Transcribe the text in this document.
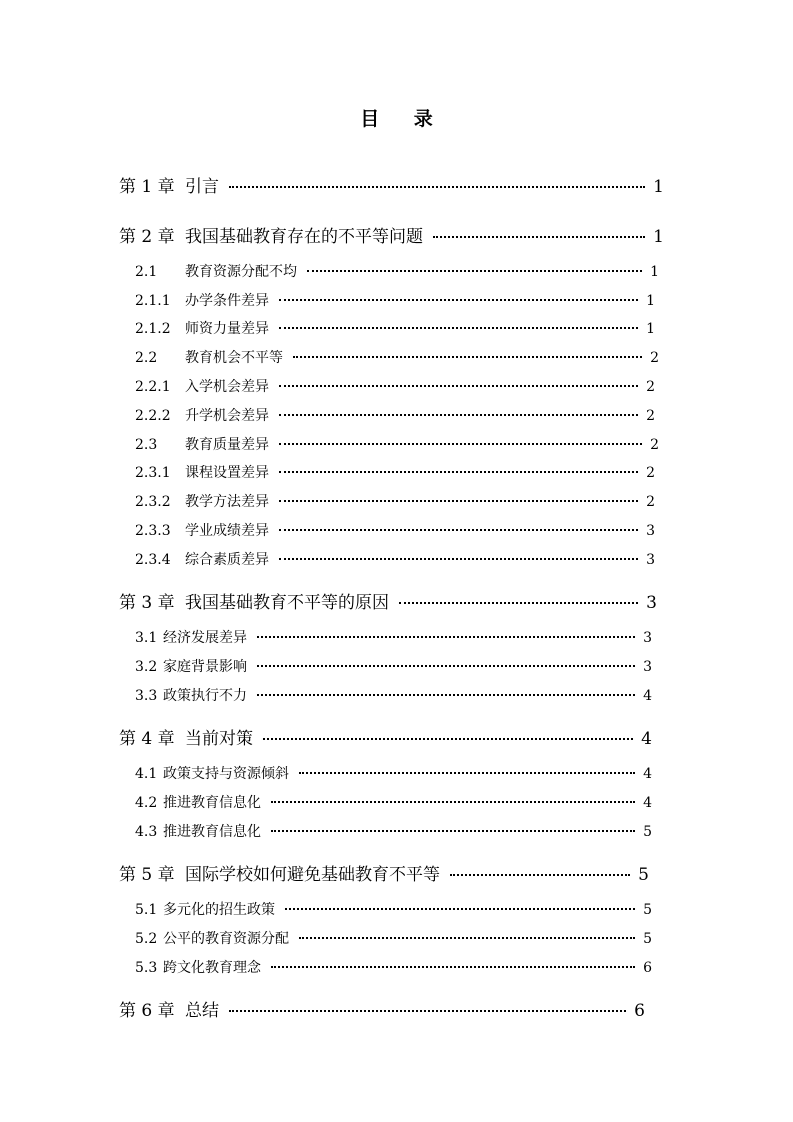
目 录
第 1 章 引言	1
第 2 章 我国基础教育存在的不平等问题	1
2.1 教育资源分配不均	1
2.1.1 办学条件差异	1
2.1.2 师资力量差异	1
2.2 教育机会不平等	2
2.2.1 入学机会差异	2
2.2.2 升学机会差异	2
2.3 教育质量差异	2
2.3.1 课程设置差异	2
2.3.2 教学方法差异	2
2.3.3 学业成绩差异	3
2.3.4 综合素质差异	3
第 3 章 我国基础教育不平等的原因	3
3.1 经济发展差异	3
3.2 家庭背景影响	3
3.3 政策执行不力	4
第 4 章 当前对策	4
4.1 政策支持与资源倾斜	4
4.2 推进教育信息化	4
4.3 推进教育信息化	5
第 5 章 国际学校如何避免基础教育不平等	5
5.1 多元化的招生政策	5
5.2 公平的教育资源分配	5
5.3 跨文化教育理念	6
第 6 章 总结	6
